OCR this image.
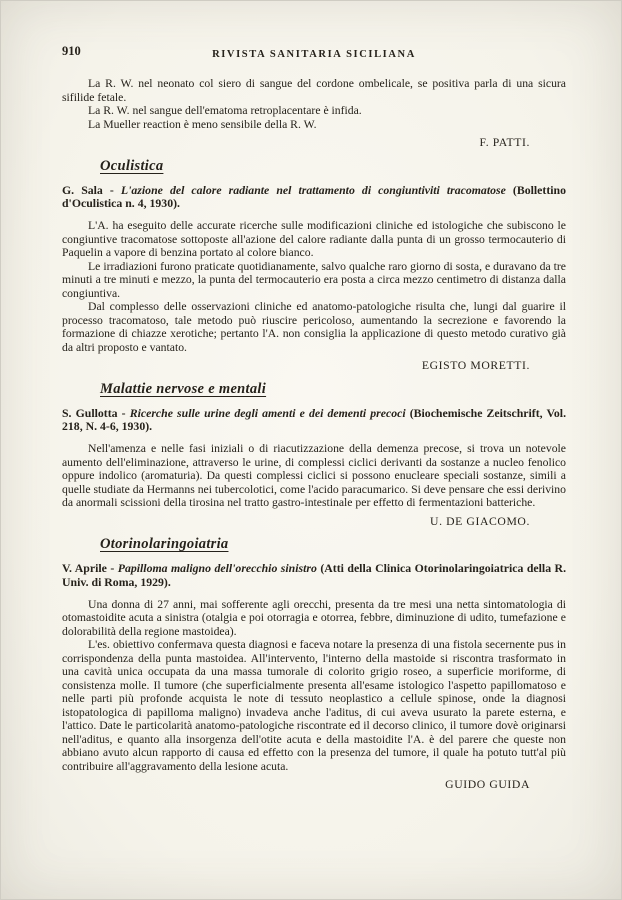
910	RIVISTA SANITARIA SICILIANA

La R. W. nel neonato col siero di sangue del cordone ombelicale, se positiva parla di una sicura sifilide fetale.

La R. W. nel sangue dell'ematoma retroplacentare è infida.

La Mueller reaction è meno sensibile della R. W.

F. PATTI.

Oculistica

G. Sala - L'azione del calore radiante nel trattamento di congiuntiviti tracomatose (Bollettino d'Oculistica n. 4, 1930).

L'A. ha eseguito delle accurate ricerche sulle modificazioni cliniche ed istologiche che subiscono le congiuntive tracomatose sottoposte all'azione del calore radiante dalla punta di un grosso termocauterio di Paquelin a vapore di benzina portato al colore bianco.

Le irradiazioni furono praticate quotidianamente, salvo qualche raro giorno di sosta, e duravano da tre minuti a tre minuti e mezzo, la punta del termocauterio era posta a circa mezzo centimetro di distanza dalla congiuntiva.

Dal complesso delle osservazioni cliniche ed anatomo-patologiche risulta che, lungi dal guarire il processo tracomatoso, tale metodo può riuscire pericoloso, aumentando la secrezione e favorendo la formazione di chiazze xerotiche; pertanto l'A. non consiglia la applicazione di questo metodo curativo già da altri proposto e vantato.

EGISTO MORETTI.

Malattie nervose e mentali

S. Gullotta - Ricerche sulle urine degli amenti e dei dementi precoci (Biochemische Zeitschrift, Vol. 218, N. 4-6, 1930).

Nell'amenza e nelle fasi iniziali o di riacutizzazione della demenza precose, si trova un notevole aumento dell'eliminazione, attraverso le urine, di complessi ciclici derivanti da sostanze a nucleo fenolico oppure indolico (aromaturia). Da questi complessi ciclici si possono enucleare speciali sostanze, simili a quelle studiate da Hermanns nei tubercolotici, come l'acido paracumarico. Si deve pensare che essi derivino da anormali scissioni della tirosina nel tratto gastro-intestinale per effetto di fermentazioni batteriche.

U. DE GIACOMO.

Otorinolaringoiatria

V. Aprile - Papilloma maligno dell'orecchio sinistro (Atti della Clinica Otorinolaringoiatrica della R. Univ. di Roma, 1929).

Una donna di 27 anni, mai sofferente agli orecchi, presenta da tre mesi una netta sintomatologia di otomastoidite acuta a sinistra (otalgia e poi otorragia e otorrea, febbre, diminuzione di udito, tumefazione e dolorabilità della regione mastoidea).

L'es. obiettivo confermava questa diagnosi e faceva notare la presenza di una fistola secernente pus in corrispondenza della punta mastoidea. All'intervento, l'interno della mastoide si riscontra trasformato in una cavità unica occupata da una massa tumorale di colorito grigio roseo, a superficie moriforme, di consistenza molle. Il tumore (che superficialmente presenta all'esame istologico l'aspetto papillomatoso e nelle parti più profonde acquista le note di tessuto neoplastico a cellule spinose, onde la diagnosi istopatologica di papilloma maligno) invadeva anche l'aditus, di cui aveva usurato la parete esterna, e l'attico. Date le particolarità anatomo-patologiche riscontrate ed il decorso clinico, il tumore dovè originarsi nell'aditus, e quanto alla insorgenza dell'otite acuta e della mastoidite l'A. è del parere che queste non abbiano avuto alcun rapporto di causa ed effetto con la presenza del tumore, il quale ha potuto tutt'al più contribuire all'aggravamento della lesione acuta.

GUIDO GUIDA
